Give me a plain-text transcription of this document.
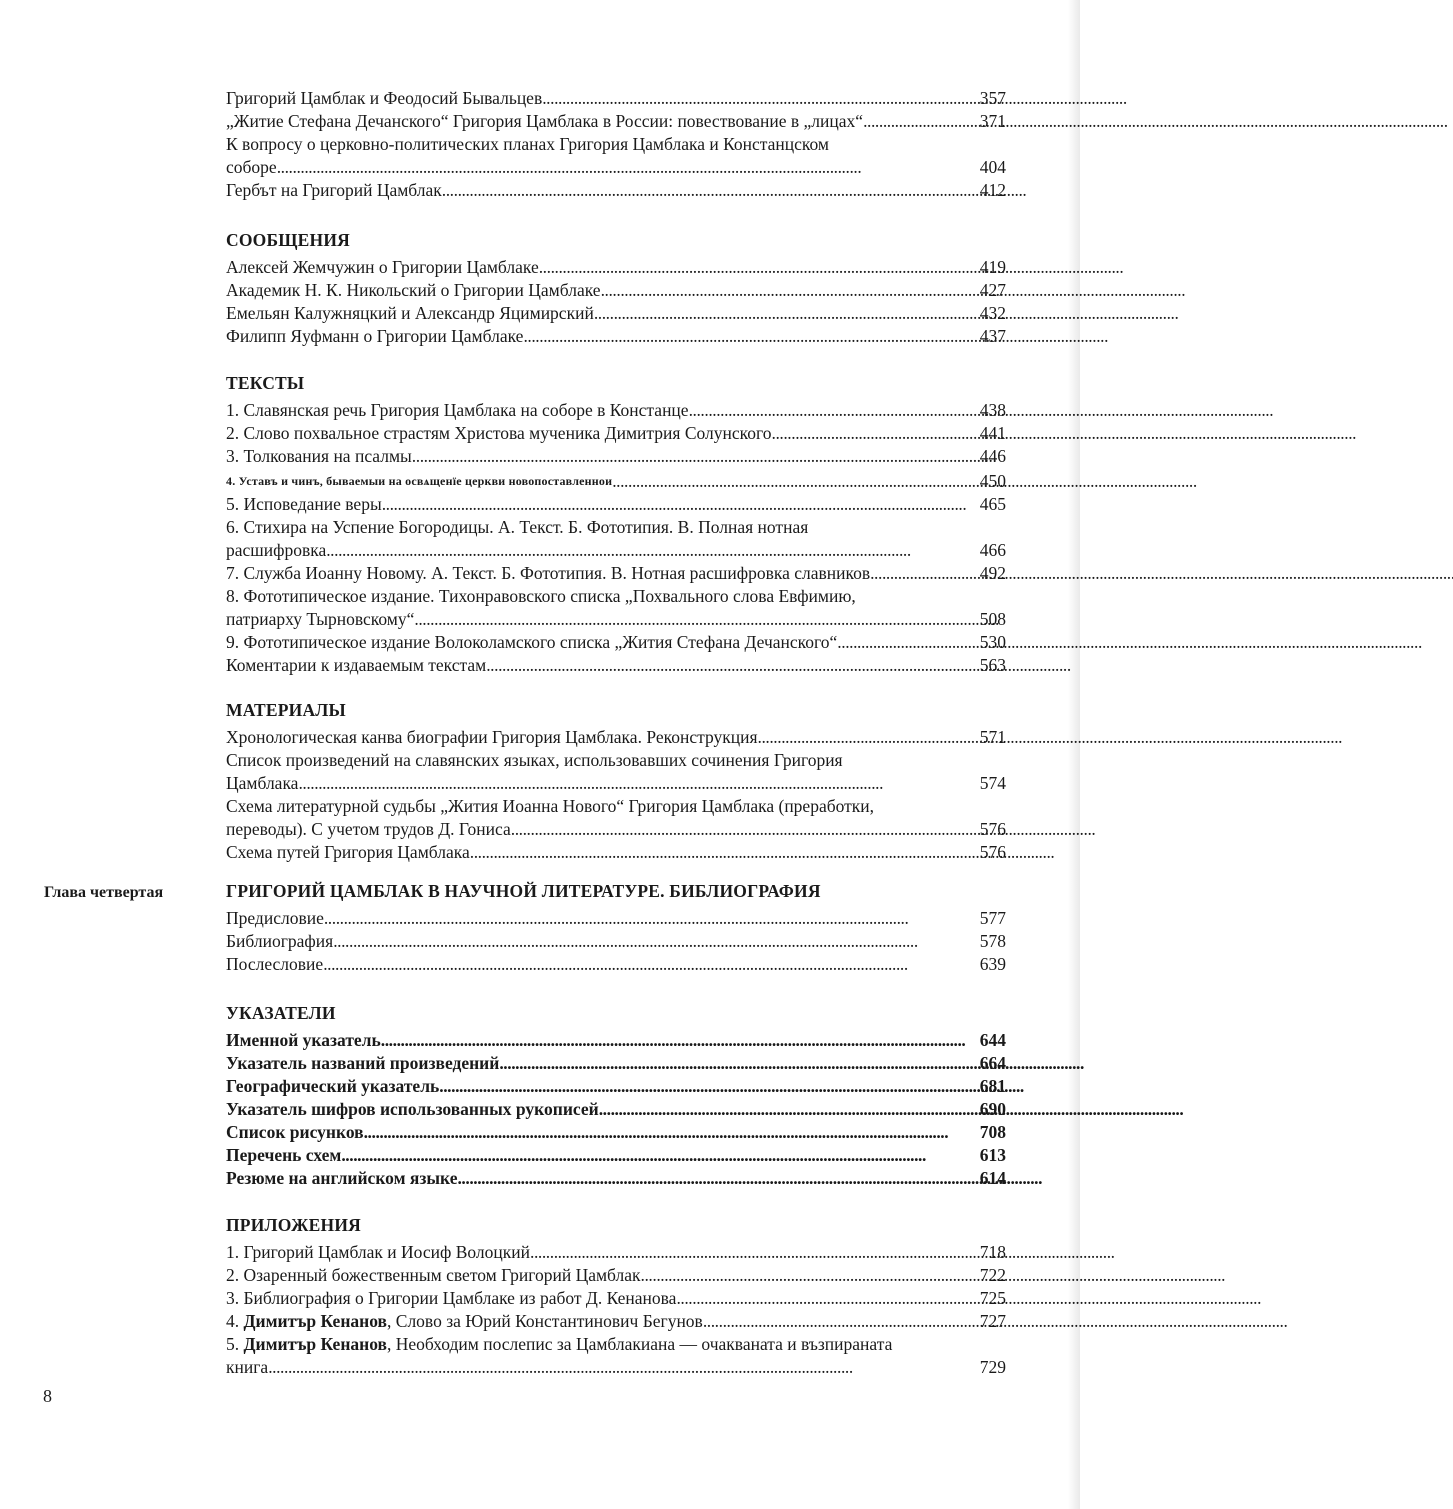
Григорий Цамблак и Феодосий Бывальцев . . .	357
„Житие Стефана Дечанского“ Григория Цамблака в России: повествование в „лицах“ . . .	371
К вопросу о церковно-политических планах Григория Цамблака и Констанцском
соборе . . .	404
Гербът на Григорий Цамблак . . .	412
СООБЩЕНИЯ
Алексей Жемчужин о Григории Цамблаке . . .	419
Академик Н. К. Никольский о Григории Цамблаке . . .	427
Емельян Калужняцкий и Александр Яцимирский . . .	432
Филипп Яуфманн о Григории Цамблаке . . .	437
ТЕКСТЫ
1. Славянская речь Григория Цамблака на соборе в Констанце . . .	438
2. Слово похвальное страстям Христова мученика Димитрия Солунского . . .	441
3. Толкования на псалмы . . .	446
4. Уставъ и чинъ, бываемыи на освѧщенїе церкви новопоставленнои . . .	450
5. Исповедание веры . . .	465
6. Стихира на Успение Богородицы. А. Текст. Б. Фототипия. В. Полная нотная
расшифровка . . .	466
7. Служба Иоанну Новому. А. Текст. Б. Фототипия. В. Нотная расшифровка славников . . .	492
8. Фототипическое издание. Тихонравовского списка „Похвального слова Евфимию,
патриарху Тырновскому“ . . .	508
9. Фототипическое издание Волоколамского списка „Жития Стефана Дечанского“ . . .	530
Коментарии к издаваемым текстам . . .	563
МАТЕРИАЛЫ
Хронологическая канва биографии Григория Цамблака. Реконструкция . . .	571
Список произведений на славянских языках, использовавших сочинения Григория
Цамблака . . .	574
Схема литературной судьбы „Жития Иоанна Нового“ Григория Цамблака (преработки,
переводы). С учетом трудов Д. Гониса . . .	576
Схема путей Григория Цамблака . . .	576
Глава четвертая	ГРИГОРИЙ ЦАМБЛАК В НАУЧНОЙ ЛИТЕРАТУРЕ. БИБЛИОГРАФИЯ
Предисловие . . .	577
Библиография . . .	578
Послесловие . . .	639
УКАЗАТЕЛИ
Именной указатель . . .	644
Указатель названий произведений . . .	664
Географический указатель . . .	681
Указатель шифров использованных рукописей . . .	690
Список рисунков . . .	708
Перечень схем . . .	613
Резюме на английском языке . . .	614
ПРИЛОЖЕНИЯ
1. Григорий Цамблак и Иосиф Волоцкий . . .	718
2. Озаренный божественным светом Григорий Цамблак . . .	722
3. Библиография о Григории Цамблаке из работ Д. Кенанова . . .	725
4. Димитър Кенанов, Слово за Юрий Константинович Бегунов . . .	727
5. Димитър Кенанов, Необходим послепис за Цамблакиана — очакваната и възпираната
книга . . .	729
8
